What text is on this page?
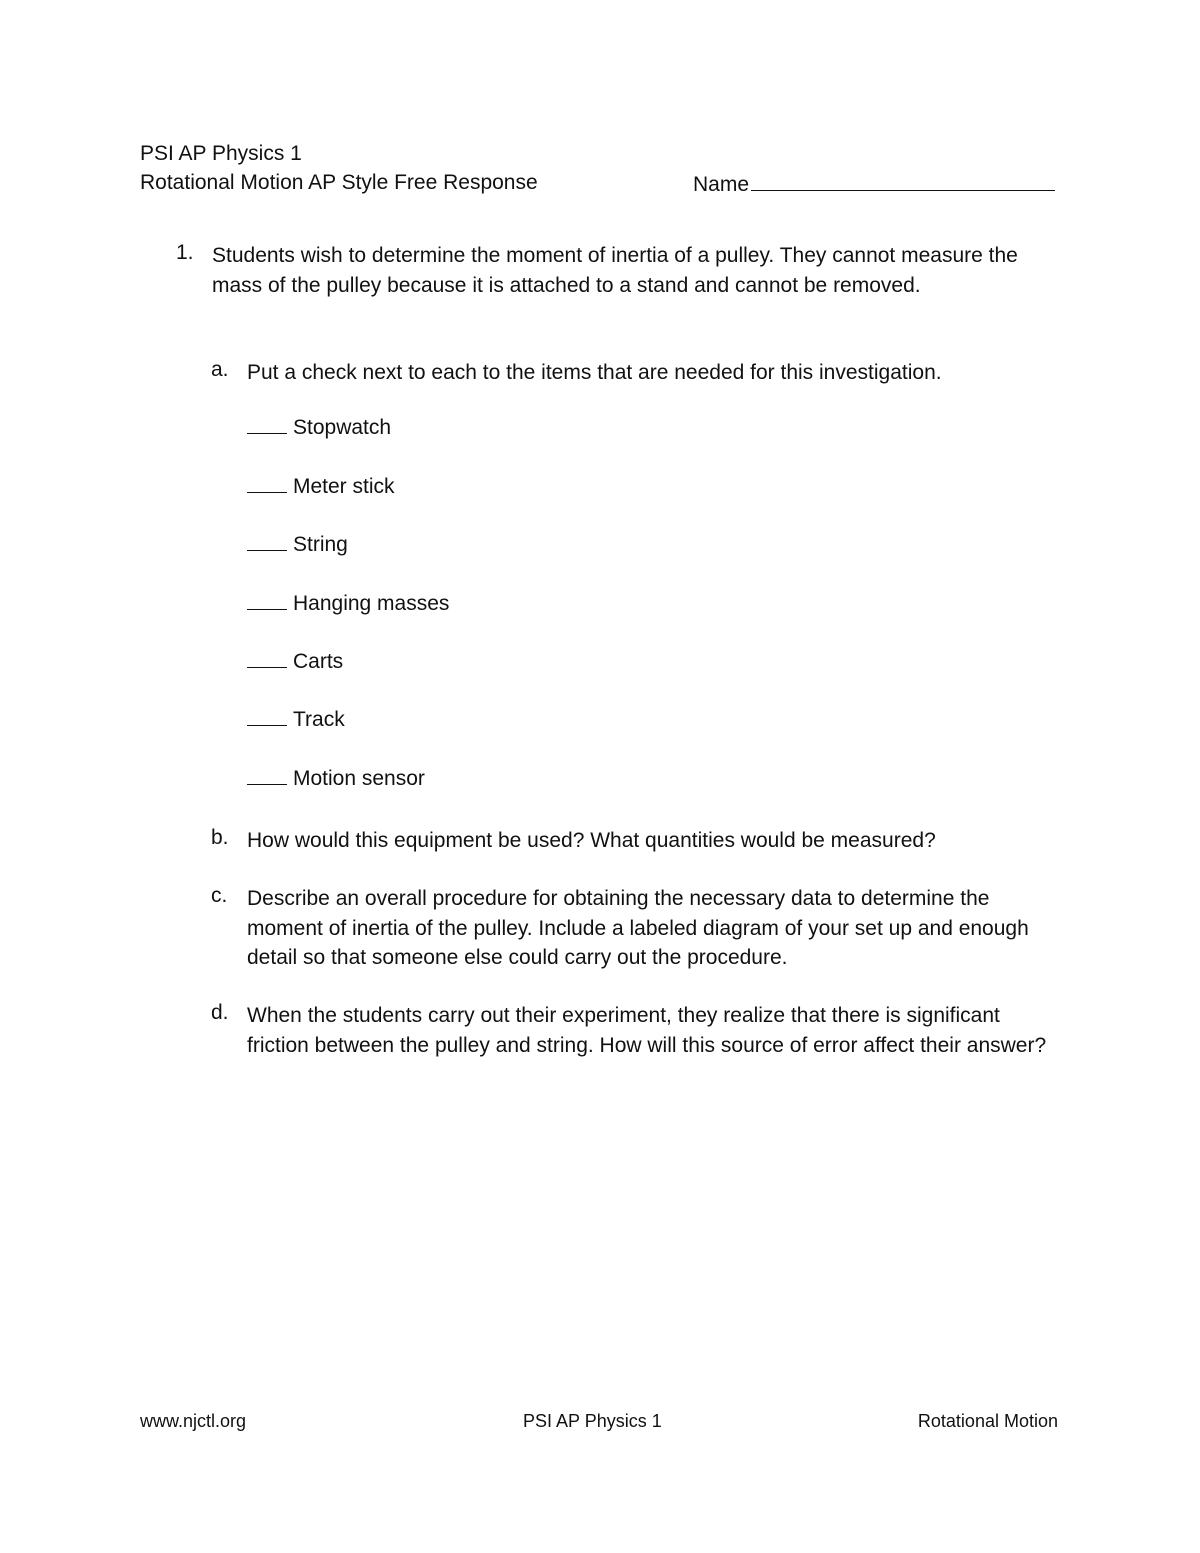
PSI AP Physics 1
Rotational Motion AP Style Free Response	Name
1. Students wish to determine the moment of inertia of a pulley. They cannot measure the mass of the pulley because it is attached to a stand and cannot be removed.
a. Put a check next to each to the items that are needed for this investigation.
Stopwatch
Meter stick
String
Hanging masses
Carts
Track
Motion sensor
b. How would this equipment be used? What quantities would be measured?
c. Describe an overall procedure for obtaining the necessary data to determine the moment of inertia of the pulley. Include a labeled diagram of your set up and enough detail so that someone else could carry out the procedure.
d. When the students carry out their experiment, they realize that there is significant friction between the pulley and string. How will this source of error affect their answer?
www.njctl.org	PSI AP Physics 1	Rotational Motion
